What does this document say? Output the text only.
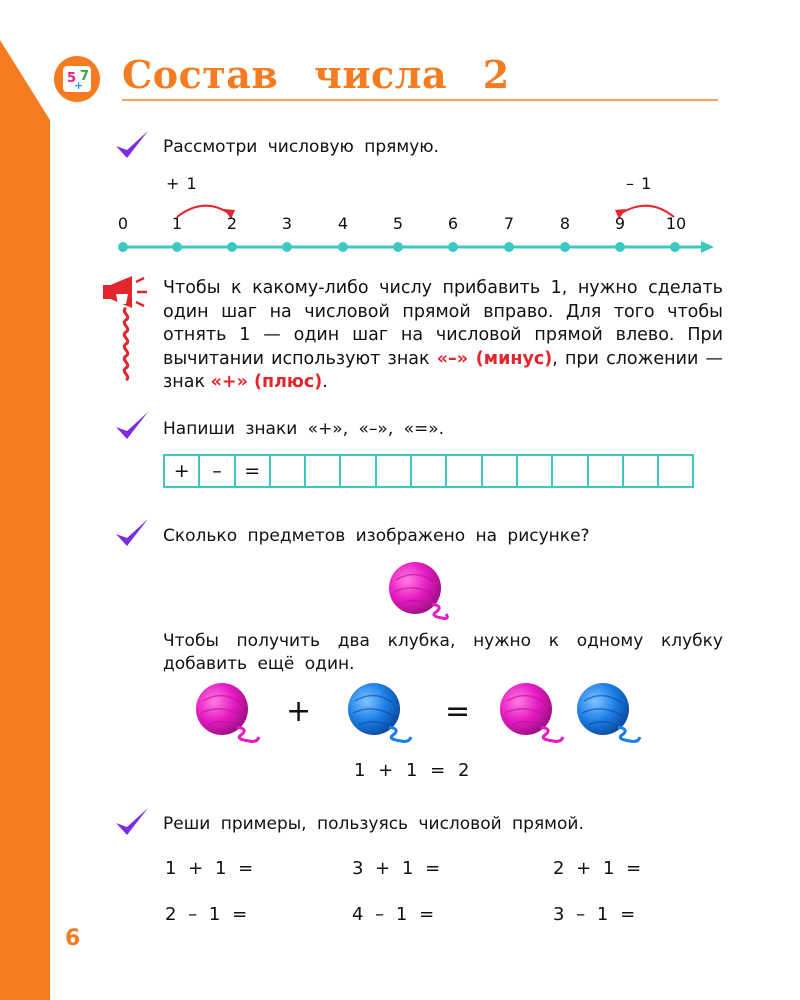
5
+
7 Состав числа 2
Рассмотри числовую прямую.
+ 1	– 1
0	1	2	3	4	5	6	7	8	9	10
Чтобы к какому-либо числу прибавить 1, нужно сделать один шаг на числовой прямой вправо. Для того чтобы отнять 1 — один шаг на числовой прямой влево. При вычитании используют знак «–» (минус), при сложении — знак «+» (плюс).
Напиши знаки «+», «–», «=».
+	–	=
Сколько предметов изображено на рисунке?
Чтобы получить два клубка, нужно к одному клубку добавить ещё один.
+	=
1 + 1 = 2
Реши примеры, пользуясь числовой прямой.
1 + 1 =	3 + 1 =	2 + 1 =
2 – 1 =	4 – 1 =	3 – 1 =
6
